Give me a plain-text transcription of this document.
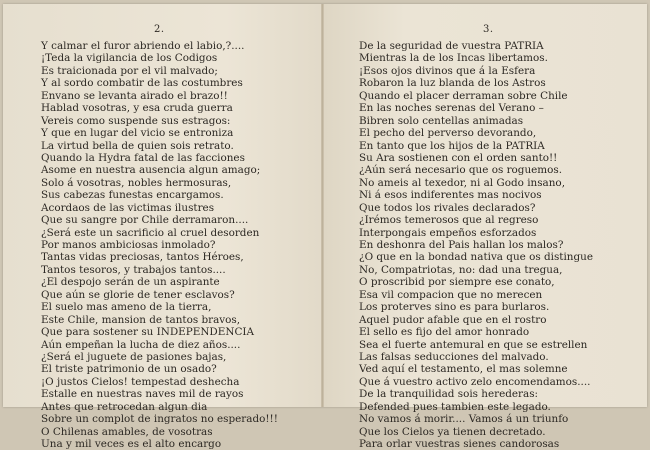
2.
Y calmar el furor abriendo el labio,?....
¡Teda la vigilancia de los Codigos
Es traicionada por el vil malvado;
Y al sordo combatir de las costumbres
Envano se levanta airado el brazo!!
Hablad vosotras, y esa cruda guerra
Vereis como suspende sus estragos:
Y que en lugar del vicio se entroniza
La virtud bella de quien sois retrato.
Quando la Hydra fatal de las facciones
Asome en nuestra ausencia algun amago;
Solo á vosotras, nobles hermosuras,
Sus cabezas funestas encargamos.
Acordaos de las victimas ilustres
Que su sangre por Chile derramaron....
¿Será este un sacrificio al cruel desorden
Por manos ambiciosas inmolado?
Tantas vidas preciosas, tantos Héroes,
Tantos tesoros, y trabajos tantos....
¿El despojo serán de un aspirante
Que aún se glorie de tener esclavos?
El suelo mas ameno de la tierra,
Este Chile, mansion de tantos bravos,
Que para sostener su INDEPENDENCIA
Aún empeñan la lucha de diez años....
¿Será el juguete de pasiones bajas,
El triste patrimonio de un osado?
¡O justos Cielos! tempestad deshecha
Estalle en nuestras naves mil de rayos
Antes que retrocedan algun dia
Sobre un complot de ingratos no esperado!!!
O Chilenas amables, de vosotras
Una y mil veces es el alto encargo
3.
De la seguridad de vuestra PATRIA
Mientras la de los Incas libertamos.
¡Esos ojos divinos que á la Esfera
Robaron la luz blanda de los Astros
Quando el placer derraman sobre Chile
En las noches serenas del Verano –
Bibren solo centellas animadas
El pecho del perverso devorando,
En tanto que los hijos de la PATRIA
Su Ara sostienen con el orden santo!!
¿Aún será necesario que os roguemos.
No ameis al texedor, ni al Godo insano,
Ni á esos indiferentes mas nocivos
Que todos los rivales declarados?
¿Irémos temerosos que al regreso
Interpongais empeños esforzados
En deshonra del Pais hallan los malos?
¿O que en la bondad nativa que os distingue
No, Compatriotas, no: dad una tregua,
O proscribid por siempre ese conato,
Esa vil compacion que no merecen
Los proterves sino es para burlaros.
Aquel pudor afable que en el rostro
El sello es fijo del amor honrado
Sea el fuerte antemural en que se estrellen
Las falsas seducciones del malvado.
Ved aquí el testamento, el mas solemne
Que á vuestro activo zelo encomendamos....
De la tranquilidad sois herederas:
Defended pues tambien este legado.
No vamos á morir.... Vamos á un triunfo
Que los Cielos ya tienen decretado.
Para orlar vuestras sienes candorosas
